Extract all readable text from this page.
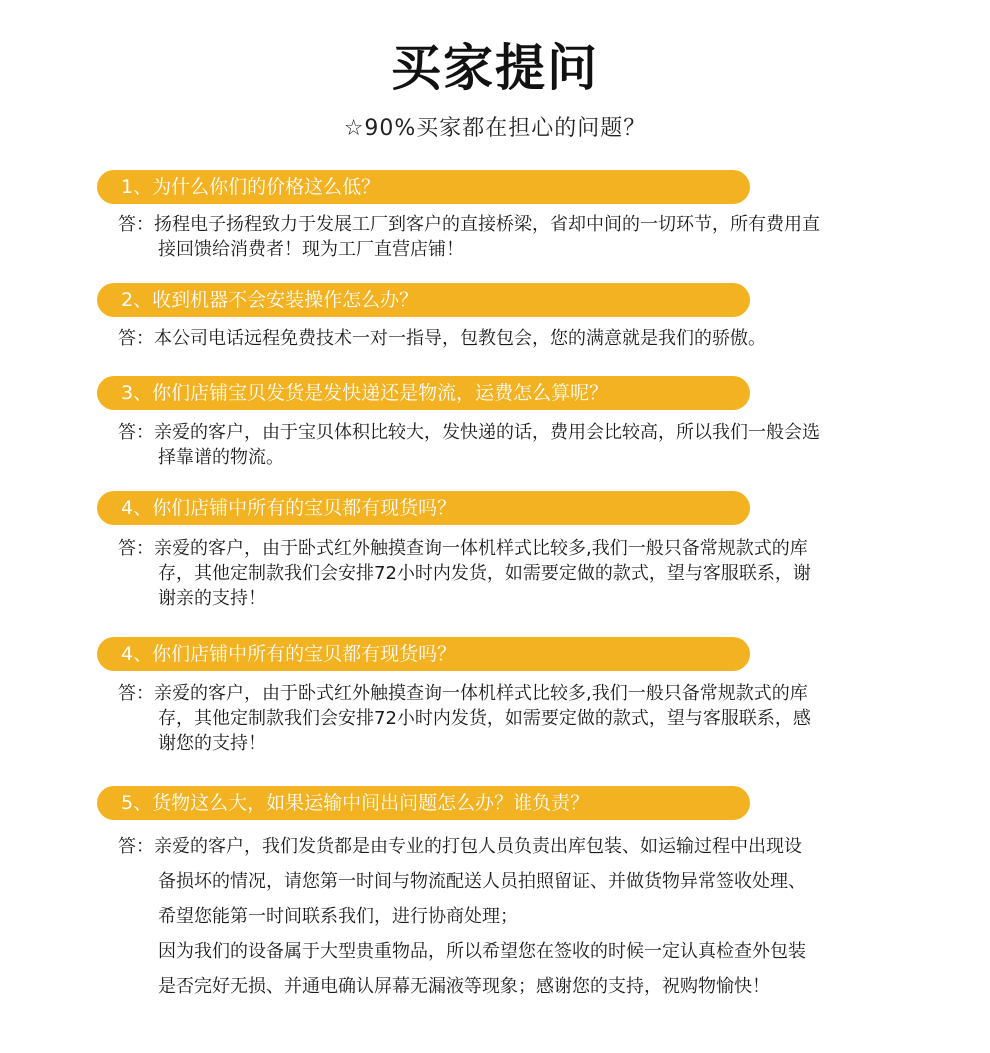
买家提问
☆90%买家都在担心的问题？
1、为什么你们的价格这么低？
答：扬程电子扬程致力于发展工厂到客户的直接桥梁，省却中间的一切环节，所有费用直
接回馈给消费者！现为工厂直营店铺！
2、收到机器不会安装操作怎么办？
答：本公司电话远程免费技术一对一指导，包教包会，您的满意就是我们的骄傲。
3、你们店铺宝贝发货是发快递还是物流，运费怎么算呢？
答：亲爱的客户，由于宝贝体积比较大，发快递的话，费用会比较高，所以我们一般会选
择靠谱的物流。
4、你们店铺中所有的宝贝都有现货吗？
答：亲爱的客户，由于卧式红外触摸查询一体机样式比较多,我们一般只备常规款式的库
存，其他定制款我们会安排72小时内发货，如需要定做的款式，望与客服联系，谢
谢亲的支持！
4、你们店铺中所有的宝贝都有现货吗？
答：亲爱的客户，由于卧式红外触摸查询一体机样式比较多,我们一般只备常规款式的库
存，其他定制款我们会安排72小时内发货，如需要定做的款式，望与客服联系，感
谢您的支持！
5、货物这么大，如果运输中间出问题怎么办？谁负责？
答：亲爱的客户，我们发货都是由专业的打包人员负责出库包装、如运输过程中出现设
备损坏的情况，请您第一时间与物流配送人员拍照留证、并做货物异常签收处理、
希望您能第一时间联系我们，进行协商处理；
因为我们的设备属于大型贵重物品，所以希望您在签收的时候一定认真检查外包装
是否完好无损、并通电确认屏幕无漏液等现象；感谢您的支持，祝购物愉快！
